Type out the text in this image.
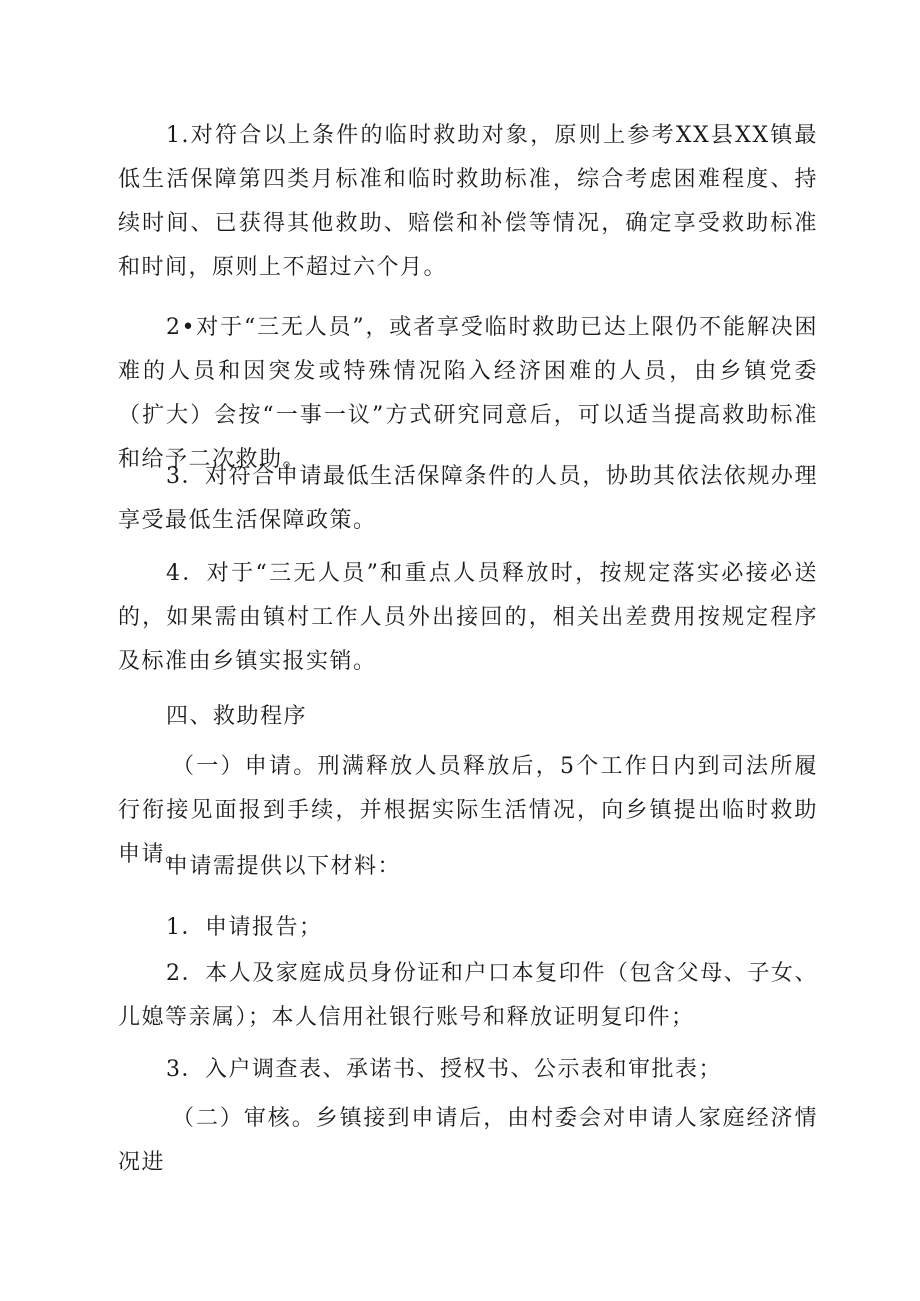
1.对符合以上条件的临时救助对象，原则上参考XX县XX镇最低生活保障第四类月标准和临时救助标准，综合考虑困难程度、持续时间、已获得其他救助、赔偿和补偿等情况，确定享受救助标准和时间，原则上不超过六个月。

2•对于“三无人员”，或者享受临时救助已达上限仍不能解决困难的人员和因突发或特殊情况陷入经济困难的人员，由乡镇党委（扩大）会按“一事一议”方式研究同意后，可以适当提高救助标准和给予二次救助。

3．对符合申请最低生活保障条件的人员，协助其依法依规办理享受最低生活保障政策。

4．对于“三无人员”和重点人员释放时，按规定落实必接必送的，如果需由镇村工作人员外出接回的，相关出差费用按规定程序及标准由乡镇实报实销。

四、救助程序

（一）申请。刑满释放人员释放后，5个工作日内到司法所履行衔接见面报到手续，并根据实际生活情况，向乡镇提出临时救助申请。

申请需提供以下材料：

1．申请报告；

2．本人及家庭成员身份证和户口本复印件（包含父母、子女、儿媳等亲属）；本人信用社银行账号和释放证明复印件；

3．入户调查表、承诺书、授权书、公示表和审批表；

（二）审核。乡镇接到申请后，由村委会对申请人家庭经济情况进
